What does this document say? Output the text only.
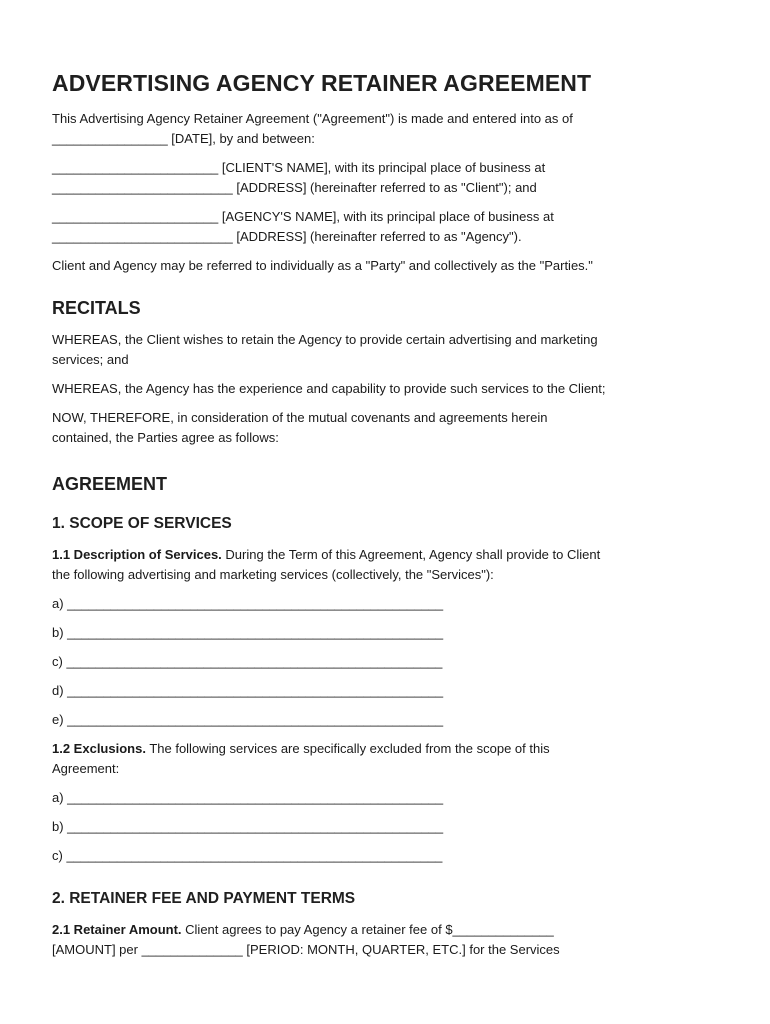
ADVERTISING AGENCY RETAINER AGREEMENT

This Advertising Agency Retainer Agreement ("Agreement") is made and entered into as of
________________ [DATE], by and between:

_______________________ [CLIENT'S NAME], with its principal place of business at
_________________________ [ADDRESS] (hereinafter referred to as "Client"); and

_______________________ [AGENCY'S NAME], with its principal place of business at
_________________________ [ADDRESS] (hereinafter referred to as "Agency").

Client and Agency may be referred to individually as a "Party" and collectively as the "Parties."

RECITALS

WHEREAS, the Client wishes to retain the Agency to provide certain advertising and marketing
services; and

WHEREAS, the Agency has the experience and capability to provide such services to the Client;

NOW, THEREFORE, in consideration of the mutual covenants and agreements herein
contained, the Parties agree as follows:

AGREEMENT
1. SCOPE OF SERVICES

1.1 Description of Services. During the Term of this Agreement, Agency shall provide to Client
the following advertising and marketing services (collectively, the "Services"):

a) ____________________________________________________
b) ____________________________________________________
c) ____________________________________________________
d) ____________________________________________________
e) ____________________________________________________

1.2 Exclusions. The following services are specifically excluded from the scope of this
Agreement:

a) ____________________________________________________
b) ____________________________________________________
c) ____________________________________________________
2. RETAINER FEE AND PAYMENT TERMS

2.1 Retainer Amount. Client agrees to pay Agency a retainer fee of $______________
[AMOUNT] per ______________ [PERIOD: MONTH, QUARTER, ETC.] for the Services
